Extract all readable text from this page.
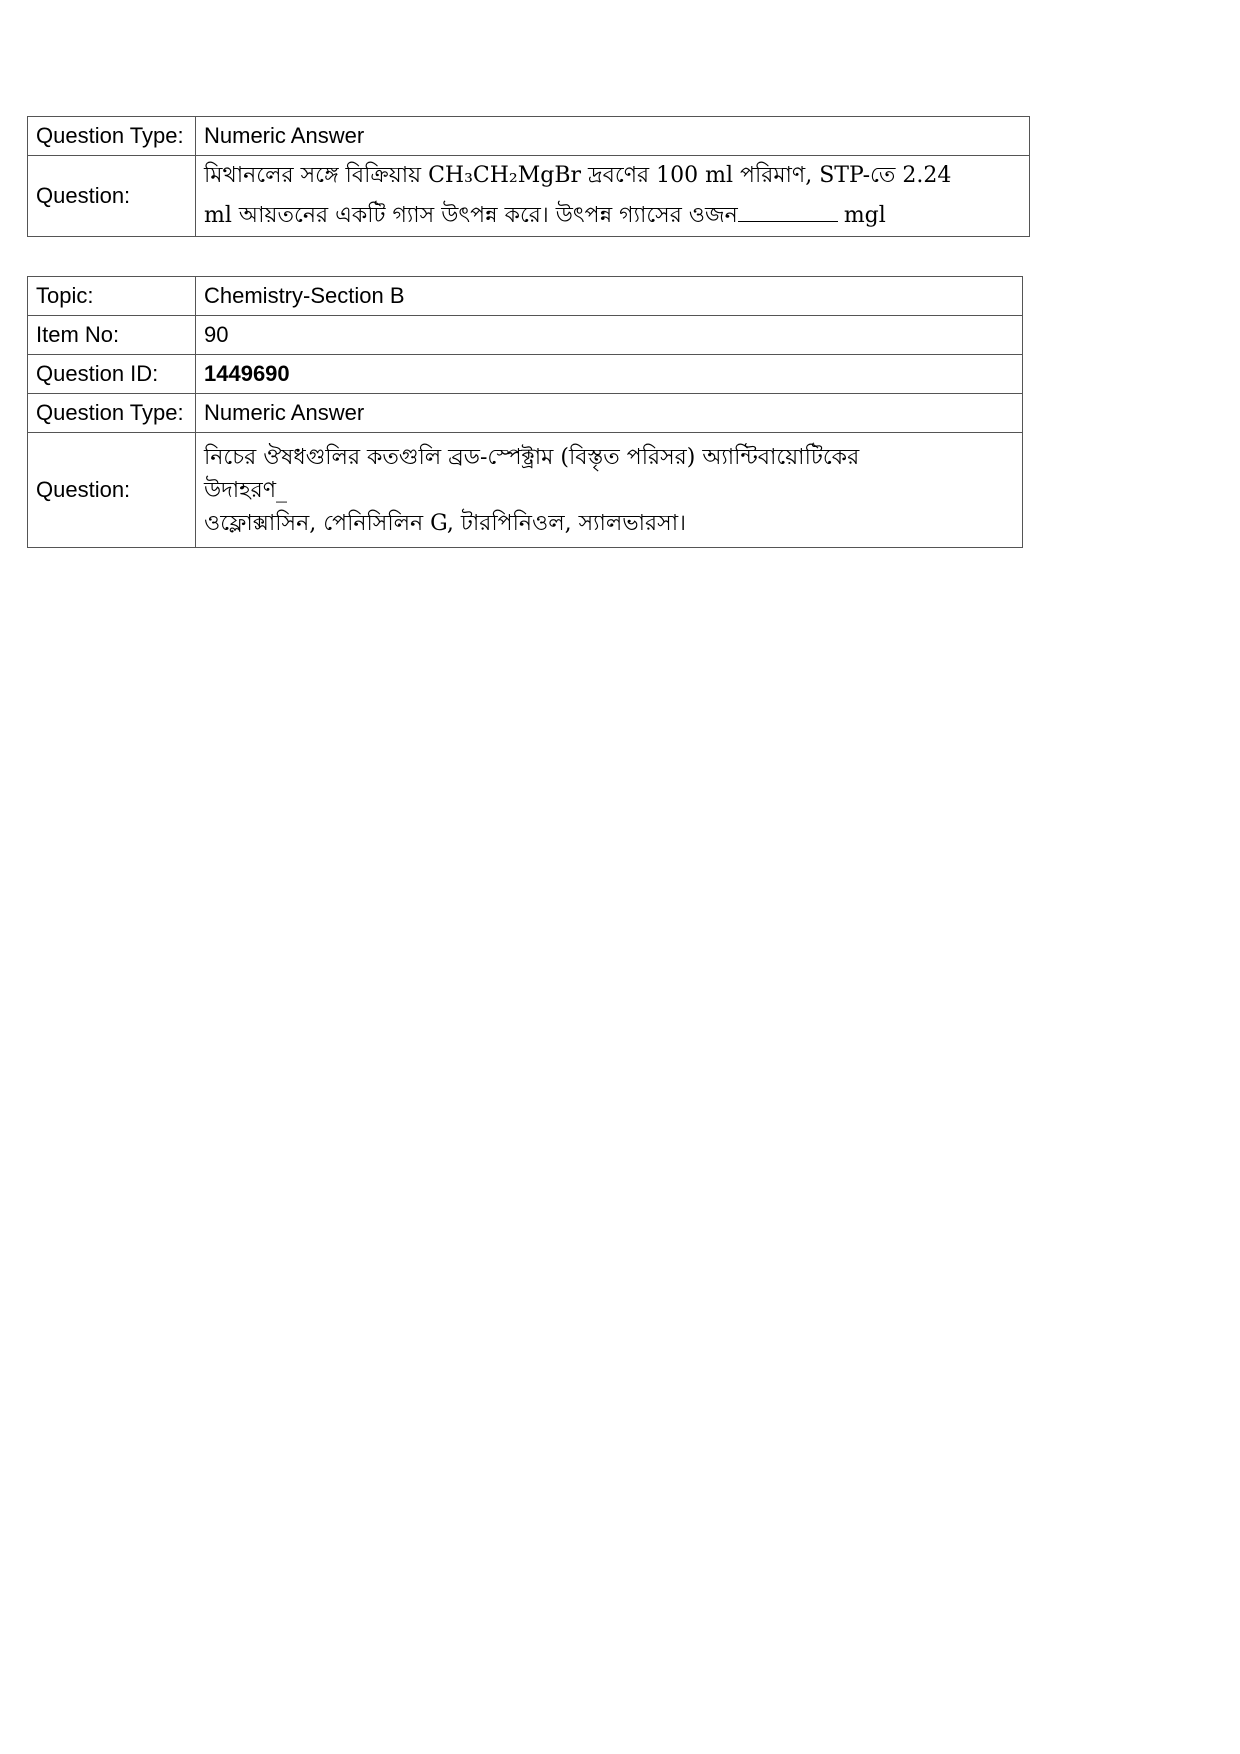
Question Type:	Numeric Answer
Question:	মিথানলের সঙ্গে বিক্রিয়ায় CH₃CH₂MgBr দ্রবণের 100 ml পরিমাণ, STP-তে 2.24
ml আয়তনের একটি গ্যাস উৎপন্ন করে। উৎপন্ন গ্যাসের ওজন mgl
Topic:	Chemistry-Section B
Item No:	90
Question ID:	1449690
Question Type:	Numeric Answer
Question:	নিচের ঔষধগুলির কতগুলি ব্রড-স্পেক্ট্রাম (বিস্তৃত পরিসর) অ্যান্টিবায়োটিকের
উদাহরণ_
ওফ্লোক্সাসিন, পেনিসিলিন G, টারপিনিওল, স্যালভারসা।
